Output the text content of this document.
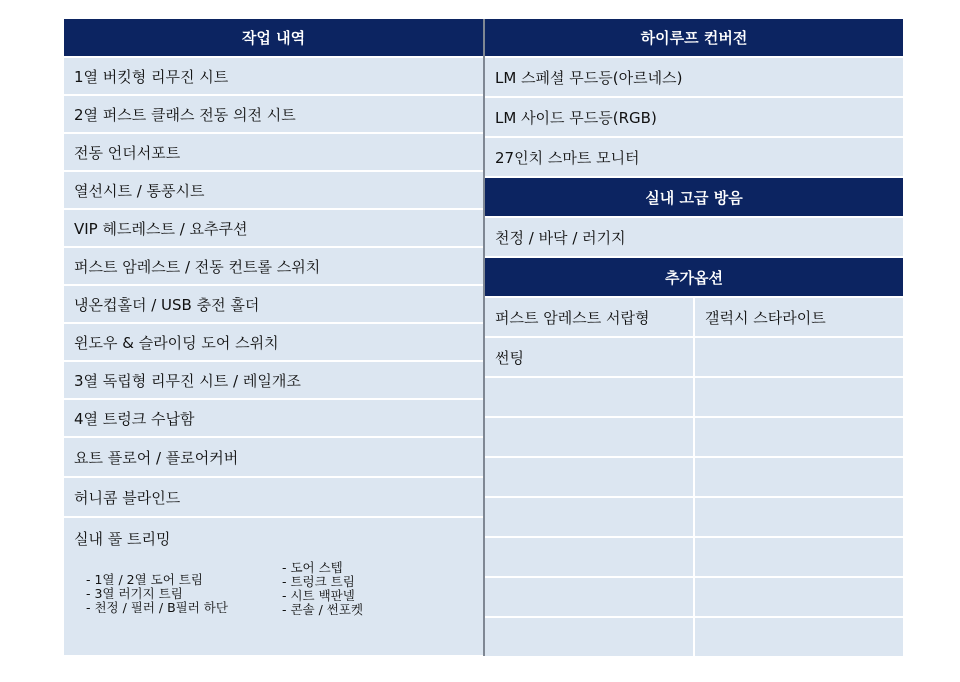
작업 내역
1열 버킷형 리무진 시트
2열 퍼스트 클래스 전동 의전 시트
전동 언더서포트
열선시트 / 통풍시트
VIP 헤드레스트 / 요추쿠션
퍼스트 암레스트 / 전동 컨트롤 스위치
냉온컵홀더 / USB 충전 홀더
윈도우 & 슬라이딩 도어 스위치
3열 독립형 리무진 시트 / 레일개조
4열 트렁크 수납함
요트 플로어 / 플로어커버
허니콤 블라인드
실내 풀 트리밍
- 1열 / 2열 도어 트림
- 3열 러기지 트림
- 천정 / 필러 / B필러 하단
- 도어 스텝
- 트렁크 트림
- 시트 백판넬
- 콘솔 / 썬포켓
하이루프 컨버전
LM 스페셜 무드등(아르네스)
LM 사이드 무드등(RGB)
27인치 스마트 모니터
실내 고급 방음
천정 / 바닥 / 러기지
추가옵션
퍼스트 암레스트 서랍형	갤럭시 스타라이트
썬팅
